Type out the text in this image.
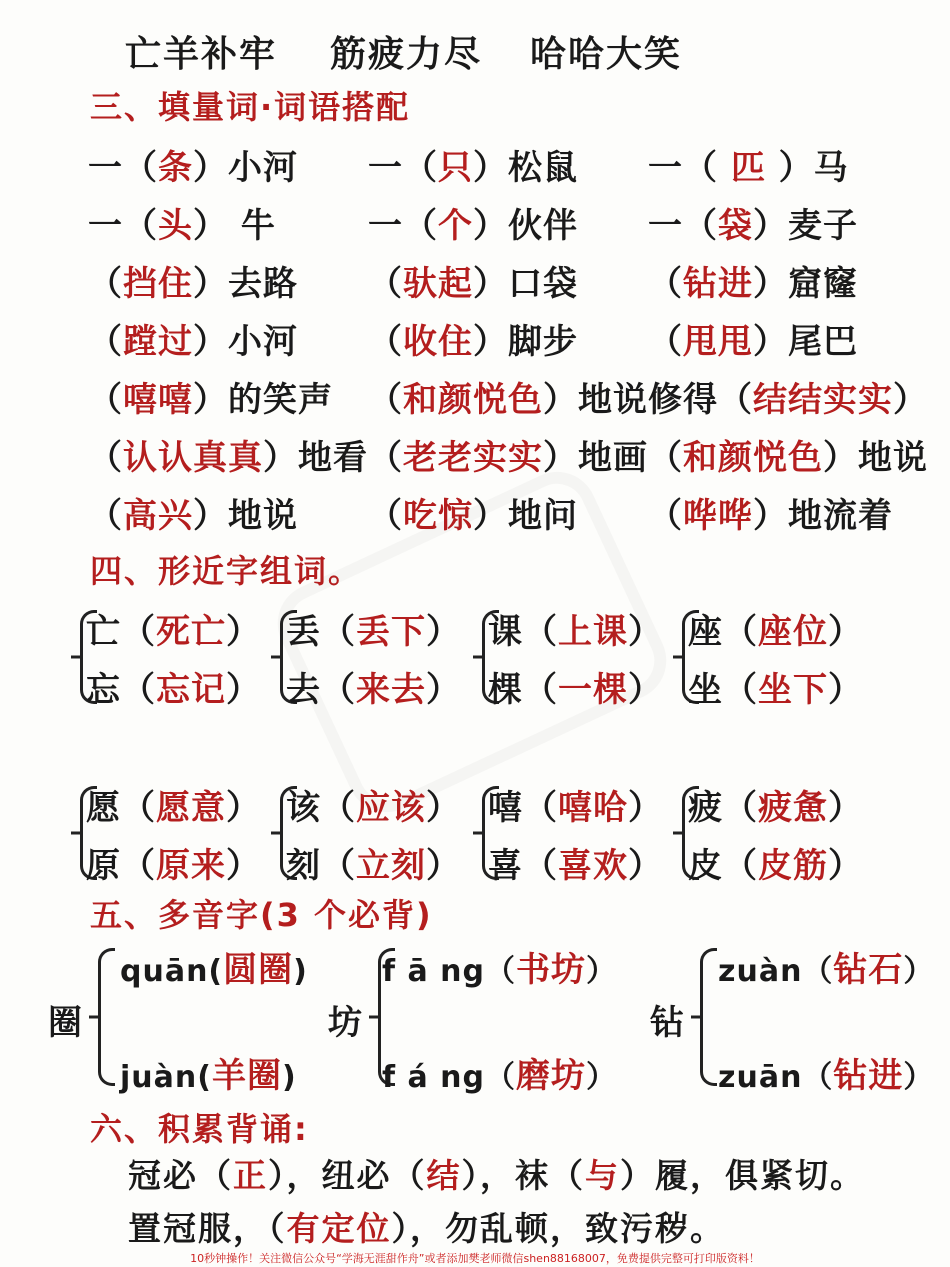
亡羊补牢 筋疲力尽 哈哈大笑
三、填量词·词语搭配
一（条）小河 一（只）松鼠 一（ 匹 ）马
一（头） 牛	一（个）伙伴 一（袋）麦子
（挡住）去路 （驮起）口袋 （钻进）窟窿
（蹚过）小河 （收住）脚步 （甩甩）尾巴
（嘻嘻）的笑声 （和颜悦色）地说 修得（结结实实）
（认认真真）地看 （老老实实）地画 （和颜悦色）地说
（高兴）地说 （吃惊）地问 （哗哗）地流着
四、形近字组词。
亡（死亡）
忘（忘记）
丢（丢下）
去（来去）
课（上课）
棵（一棵）
座（座位）
坐（坐下）
愿（愿意）
原（原来）
该（应该）
刻（立刻）
嘻（嘻哈）
喜（喜欢）
疲（疲惫）
皮（皮筋）
五、多音字(3 个必背)
圈
quān(圆圈)
juàn(羊圈)
坊
f ā ng（书坊）
f á ng（磨坊）
钻
zuàn（钻石）
zuān（钻进）
六、积累背诵:
冠必（正），纽必（结），袜（与）履，俱紧切。
置冠服，（有定位），勿乱顿，致污秽。
10秒钟操作！关注微信公众号“学海无涯甜作舟”或者添加樊老师微信shen88168007，免费提供完整可打印版资料！
